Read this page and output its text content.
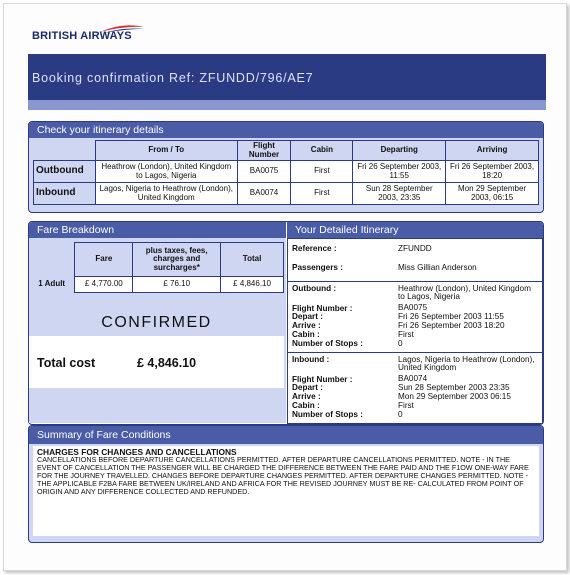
BRITISH AIRWAYS
Booking confirmation Ref: ZFUNDD/796/AE7
Check your itinerary details
	From / To	Flight Number	Cabin	Departing	Arriving
Outbound	Heathrow (London), United Kingdom to Lagos, Nigeria	BA0075	First	Fri 26 September 2003, 11:55	Fri 26 September 2003, 18:20
Inbound	Lagos, Nigeria to Heathrow (London), United Kingdom	BA0074	First	Sun 28 September 2003, 23:35	Mon 29 September 2003, 06:15
Fare Breakdown	Your Detailed Itinerary
	Fare	plus taxes, fees, charges and surcharges*	Total
1 Adult	£ 4,770.00	£ 76.10	£ 4,846.10
CONFIRMED
Total cost	£ 4,846.10
Reference :	ZFUNDD
Passengers :	Miss Gillian Anderson
Outbound :	Heathrow (London), United Kingdom to Lagos, Nigeria
Flight Number :	BA0075
Depart :	Fri 26 September 2003 11:55
Arrive :	Fri 26 September 2003 18:20
Cabin :	First
Number of Stops :	0
Inbound :	Lagos, Nigeria to Heathrow (London), United Kingdom
Flight Number :	BA0074
Depart :	Sun 28 September 2003 23:35
Arrive :	Mon 29 September 2003 06:15
Cabin :	First
Number of Stops :	0
Summary of Fare Conditions
CHARGES FOR CHANGES AND CANCELLATIONS
CANCELLATIONS BEFORE DEPARTURE CANCELLATIONS PERMITTED. AFTER DEPARTURE CANCELLATIONS PERMITTED. NOTE - IN THE EVENT OF CANCELLATION THE PASSENGER WILL BE CHARGED THE DIFFERENCE BETWEEN THE FARE PAID AND THE F1OW ONE-WAY FARE FOR THE JOURNEY TRAVELLED. CHANGES BEFORE DEPARTURE CHANGES PERMITTED. AFTER DEPARTURE CHANGES PERMITTED. NOTE - THE APPLICABLE F2BA FARE BETWEEN UK/IRELAND AND AFRICA FOR THE REVISED JOURNEY MUST BE RE- CALCULATED FROM POINT OF ORIGIN AND ANY DIFFERENCE COLLECTED AND REFUNDED.
